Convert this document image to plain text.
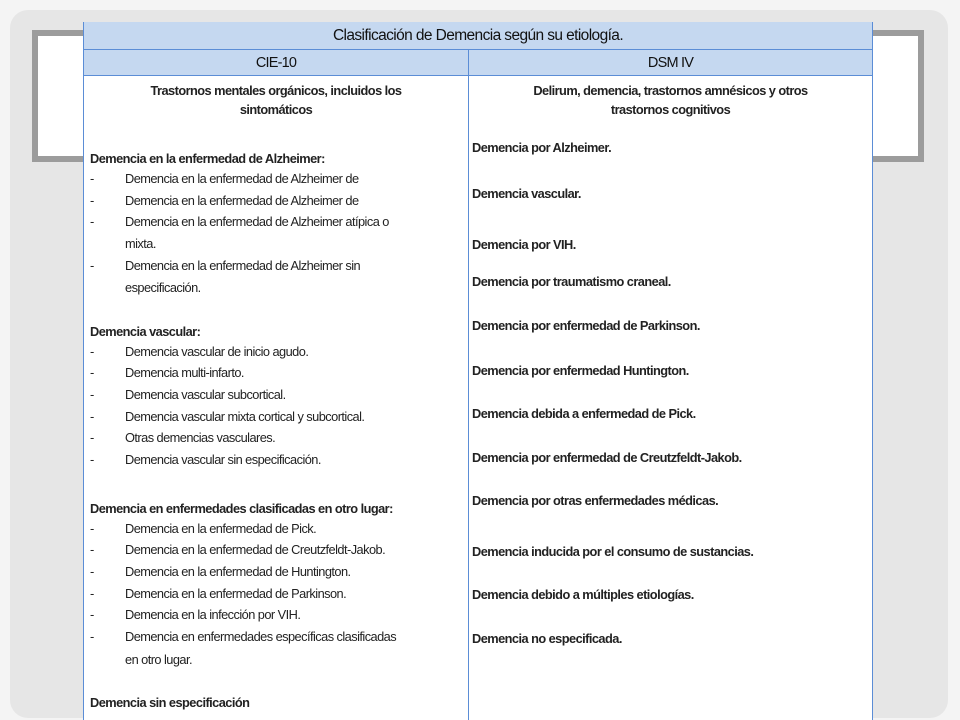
Clasificación de Demencia según su etiología.
CIE-10	DSM IV
Trastornos mentales orgánicos, incluidos los
sintomáticos
Demencia en la enfermedad de Alzheimer:
- Demencia en la enfermedad de Alzheimer de
- Demencia en la enfermedad de Alzheimer de
- Demencia en la enfermedad de Alzheimer atípica o
mixta.
- Demencia en la enfermedad de Alzheimer sin
especificación.
Demencia vascular:
- Demencia vascular de inicio agudo.
- Demencia multi-infarto.
- Demencia vascular subcortical.
- Demencia vascular mixta cortical y subcortical.
- Otras demencias vasculares.
- Demencia vascular sin especificación.
Demencia en enfermedades clasificadas en otro lugar:
- Demencia en la enfermedad de Pick.
- Demencia en la enfermedad de Creutzfeldt-Jakob.
- Demencia en la enfermedad de Huntington.
- Demencia en la enfermedad de Parkinson.
- Demencia en la infección por VIH.
- Demencia en enfermedades específicas clasificadas
en otro lugar.
Demencia sin especificación
Delirum, demencia, trastornos amnésicos y otros
trastornos cognitivos
Demencia por Alzheimer.
Demencia vascular.
Demencia por VIH.
Demencia por traumatismo craneal.
Demencia por enfermedad de Parkinson.
Demencia por enfermedad Huntington.
Demencia debida a enfermedad de Pick.
Demencia por enfermedad de Creutzfeldt-Jakob.
Demencia por otras enfermedades médicas.
Demencia inducida por el consumo de sustancias.
Demencia debido a múltiples etiologías.
Demencia no especificada.
